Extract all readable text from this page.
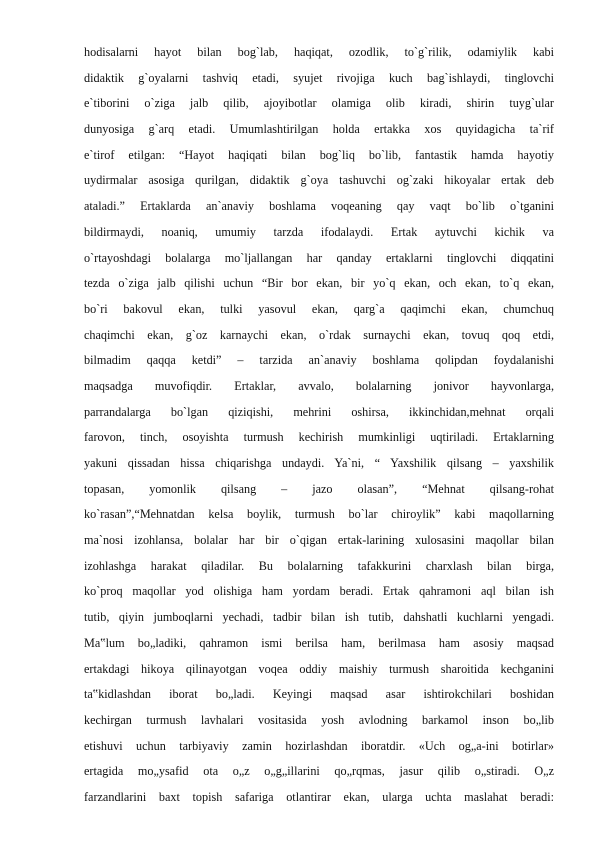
hodisalarni hayot bilan bog`lab, haqiqat, ozodlik, to`g`rilik, odamiylik kabi
didaktik g`oyalarni tashviq etadi, syujet rivojiga kuch bag`ishlaydi, tinglovchi
e`tiborini o`ziga jalb qilib, ajoyibotlar olamiga olib kiradi, shirin tuyg`ular
dunyosiga g`arq etadi. Umumlashtirilgan holda ertakka xos quyidagicha ta`rif
e`tirof etilgan: “Hayot haqiqati bilan bog`liq bo`lib, fantastik hamda hayotiy
uydirmalar asosiga qurilgan, didaktik g`oya tashuvchi og`zaki hikoyalar ertak deb
ataladi.” Ertaklarda an`anaviy boshlama voqeaning qay vaqt bo`lib o`tganini
bildirmaydi, noaniq, umumiy tarzda ifodalaydi. Ertak aytuvchi kichik va
o`rtayoshdagi bolalarga mo`ljallangan har qanday ertaklarni tinglovchi diqqatini
tezda o`ziga jalb qilishi uchun “Bir bor ekan, bir yo`q ekan, och ekan, to`q ekan,
bo`ri bakovul ekan, tulki yasovul ekan, qarg`a qaqimchi ekan, chumchuq
chaqimchi ekan, g`oz karnaychi ekan, o`rdak surnaychi ekan, tovuq qoq etdi,
bilmadim qaqqa ketdi” – tarzida an`anaviy boshlama qolipdan foydalanishi
maqsadga muvofiqdir. Ertaklar, avvalo, bolalarning jonivor hayvonlarga,
parrandalarga bo`lgan qiziqishi, mehrini oshirsa, ikkinchidan,mehnat orqali
farovon, tinch, osoyishta turmush kechirish mumkinligi uqtiriladi. Ertaklarning
yakuni qissadan hissa chiqarishga undaydi. Ya`ni, “ Yaxshilik qilsang – yaxshilik
topasan, yomonlik qilsang – jazo olasan”, “Mehnat qilsang-rohat
ko`rasan”,“Mehnatdan kelsa boylik, turmush bo`lar chiroylik” kabi maqollarning
ma`nosi izohlansa, bolalar har bir o`qigan ertak-larining xulosasini maqollar bilan
izohlashga harakat qiladilar. Bu bolalarning tafakkurini charxlash bilan birga,
ko`proq maqollar yod olishiga ham yordam beradi. Ertak qahramoni aql bilan ish
tutib, qiyin jumboqlarni yechadi, tadbir bilan ish tutib, dahshatli kuchlarni yengadi.
Ma‟lum bo„ladiki, qahramon ismi berilsa ham, berilmasa ham asosiy maqsad
ertakdagi hikoya qilinayotgan voqea oddiy maishiy turmush sharoitida kechganini
ta‟kidlashdan iborat bo„ladi. Keyingi maqsad asar ishtirokchilari boshidan
kechirgan turmush lavhalari vositasida yosh avlodning barkamol inson bo„lib
etishuvi uchun tarbiyaviy zamin hozirlashdan iboratdir. «Uch og„a-ini botirlar»
ertagida mo„ysafid ota o„z o„g„illarini qo„rqmas, jasur qilib o„stiradi. O„z
farzandlarini baxt topish safariga otlantirar ekan, ularga uchta maslahat beradi:
